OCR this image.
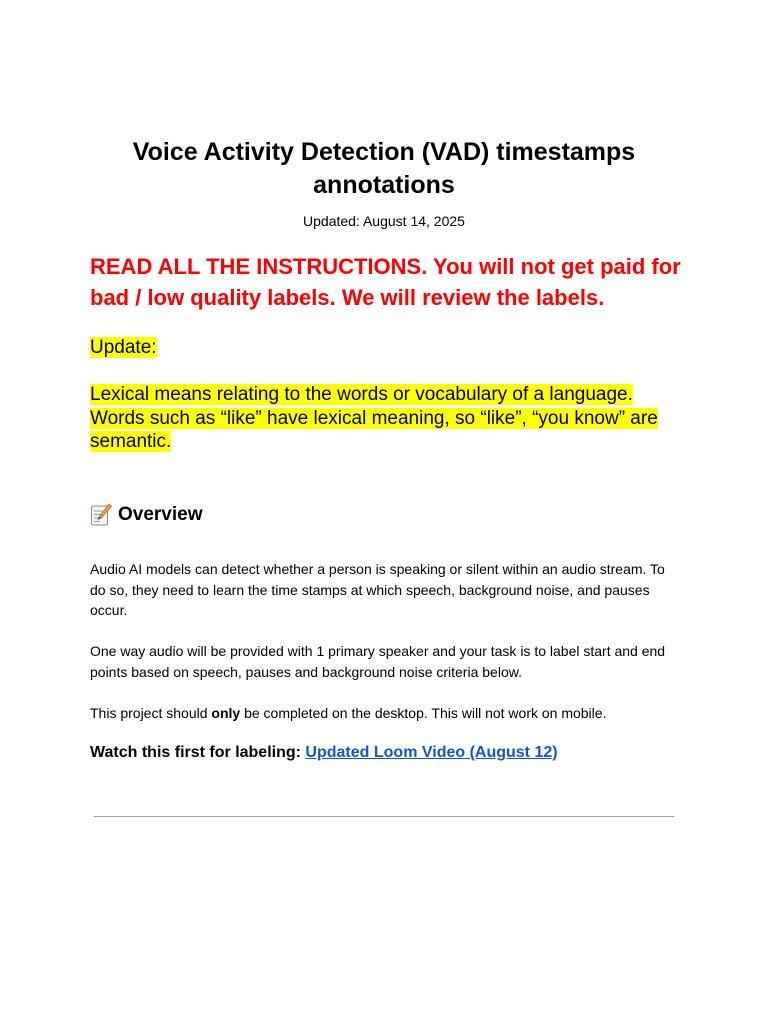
Voice Activity Detection (VAD) timestamps annotations
Updated: August 14, 2025

READ ALL THE INSTRUCTIONS. You will not get paid for bad / low quality labels. We will review the labels.

Update:

Lexical means relating to the words or vocabulary of a language. Words such as “like” have lexical meaning, so “like”, “you know” are semantic.

Overview

Audio AI models can detect whether a person is speaking or silent within an audio stream. To do so, they need to learn the time stamps at which speech, background noise, and pauses occur.

One way audio will be provided with 1 primary speaker and your task is to label start and end points based on speech, pauses and background noise criteria below.

This project should only be completed on the desktop. This will not work on mobile.

Watch this first for labeling: Updated Loom Video (August 12)
